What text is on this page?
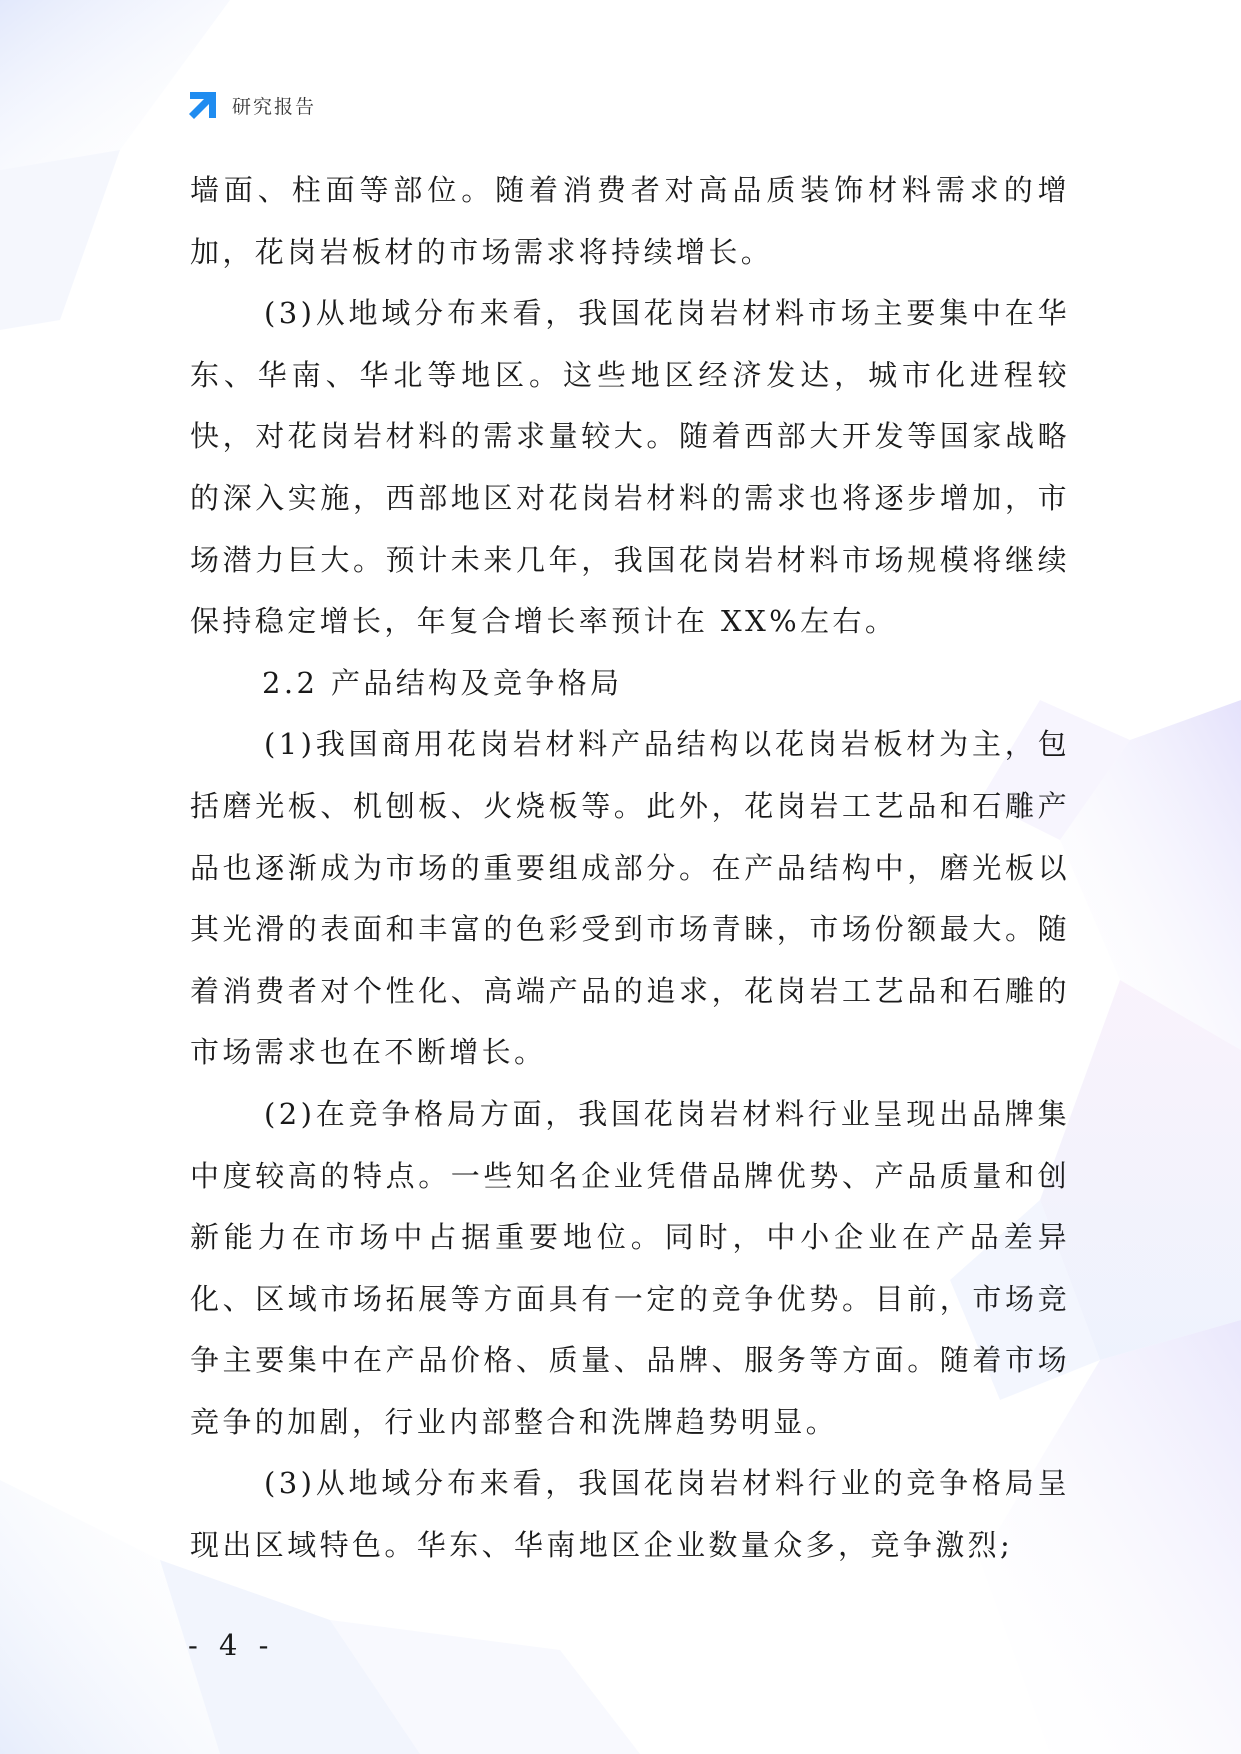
研究报告

墙面、柱面等部位。随着消费者对高品质装饰材料需求的增加，花岗岩板材的市场需求将持续增长。

(3)从地域分布来看，我国花岗岩材料市场主要集中在华东、华南、华北等地区。这些地区经济发达，城市化进程较快，对花岗岩材料的需求量较大。随着西部大开发等国家战略的深入实施，西部地区对花岗岩材料的需求也将逐步增加，市场潜力巨大。预计未来几年，我国花岗岩材料市场规模将继续保持稳定增长，年复合增长率预计在 XX%左右。

2.2 产品结构及竞争格局

(1)我国商用花岗岩材料产品结构以花岗岩板材为主，包括磨光板、机刨板、火烧板等。此外，花岗岩工艺品和石雕产品也逐渐成为市场的重要组成部分。在产品结构中，磨光板以其光滑的表面和丰富的色彩受到市场青睐，市场份额最大。随着消费者对个性化、高端产品的追求，花岗岩工艺品和石雕的市场需求也在不断增长。

(2)在竞争格局方面，我国花岗岩材料行业呈现出品牌集中度较高的特点。一些知名企业凭借品牌优势、产品质量和创新能力在市场中占据重要地位。同时，中小企业在产品差异化、区域市场拓展等方面具有一定的竞争优势。目前，市场竞争主要集中在产品价格、质量、品牌、服务等方面。随着市场竞争的加剧，行业内部整合和洗牌趋势明显。

(3)从地域分布来看，我国花岗岩材料行业的竞争格局呈现出区域特色。华东、华南地区企业数量众多，竞争激烈;

- 4 -
